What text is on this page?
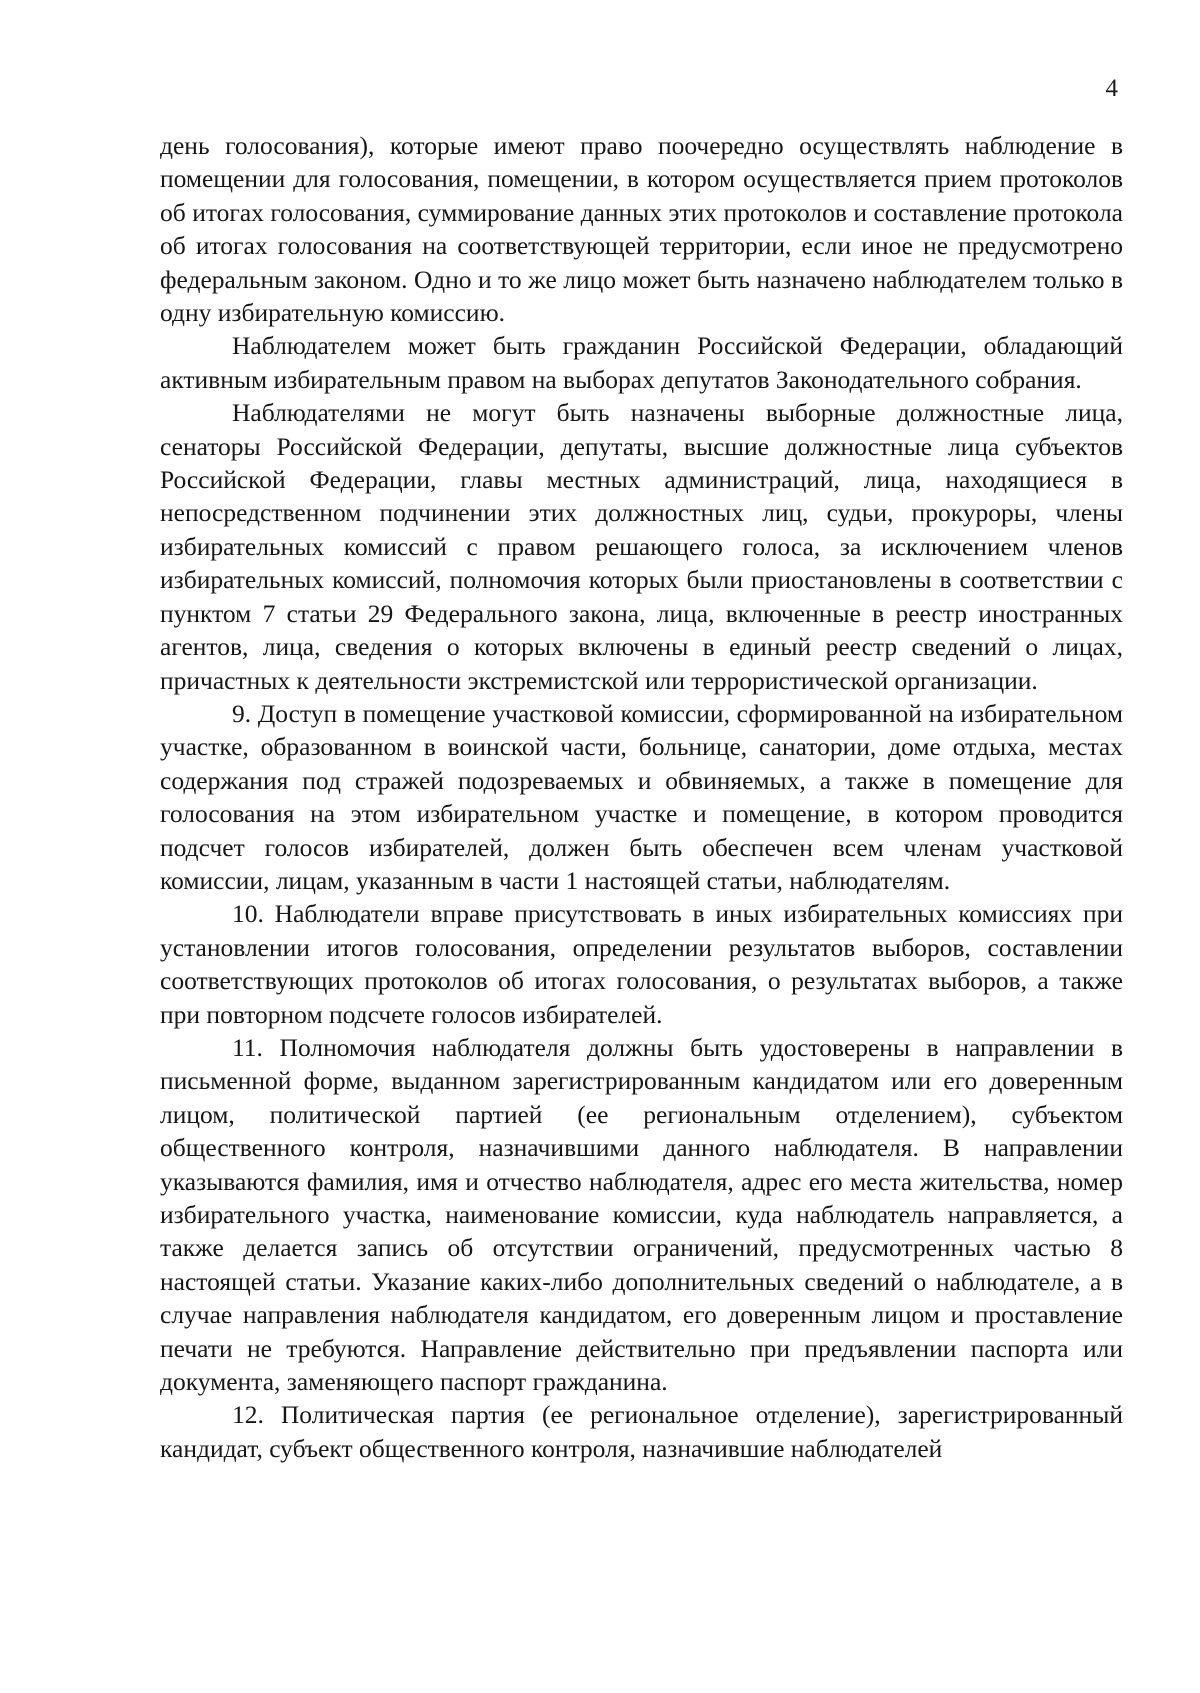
4

день голосования), которые имеют право поочередно осуществлять наблюдение в помещении для голосования, помещении, в котором осуществляется прием протоколов об итогах голосования, суммирование данных этих протоколов и составление протокола об итогах голосования на соответствующей территории, если иное не предусмотрено федеральным законом. Одно и то же лицо может быть назначено наблюдателем только в одну избирательную комиссию.

Наблюдателем может быть гражданин Российской Федерации, обладающий активным избирательным правом на выборах депутатов Законодательного собрания.

Наблюдателями не могут быть назначены выборные должностные лица, сенаторы Российской Федерации, депутаты, высшие должностные лица субъектов Российской Федерации, главы местных администраций, лица, находящиеся в непосредственном подчинении этих должностных лиц, судьи, прокуроры, члены избирательных комиссий с правом решающего голоса, за исключением членов избирательных комиссий, полномочия которых были приостановлены в соответствии с пунктом 7 статьи 29 Федерального закона, лица, включенные в реестр иностранных агентов, лица, сведения о которых включены в единый реестр сведений о лицах, причастных к деятельности экстремистской или террористической организации.

9. Доступ в помещение участковой комиссии, сформированной на избирательном участке, образованном в воинской части, больнице, санатории, доме отдыха, местах содержания под стражей подозреваемых и обвиняемых, а также в помещение для голосования на этом избирательном участке и помещение, в котором проводится подсчет голосов избирателей, должен быть обеспечен всем членам участковой комиссии, лицам, указанным в части 1 настоящей статьи, наблюдателям.

10. Наблюдатели вправе присутствовать в иных избирательных комиссиях при установлении итогов голосования, определении результатов выборов, составлении соответствующих протоколов об итогах голосования, о результатах выборов, а также при повторном подсчете голосов избирателей.

11. Полномочия наблюдателя должны быть удостоверены в направлении в письменной форме, выданном зарегистрированным кандидатом или его доверенным лицом, политической партией (ее региональным отделением), субъектом общественного контроля, назначившими данного наблюдателя. В направлении указываются фамилия, имя и отчество наблюдателя, адрес его места жительства, номер избирательного участка, наименование комиссии, куда наблюдатель направляется, а также делается запись об отсутствии ограничений, предусмотренных частью 8 настоящей статьи. Указание каких-либо дополнительных сведений о наблюдателе, а в случае направления наблюдателя кандидатом, его доверенным лицом и проставление печати не требуются. Направление действительно при предъявлении паспорта или документа, заменяющего паспорт гражданина.

12. Политическая партия (ее региональное отделение), зарегистрированный кандидат, субъект общественного контроля, назначившие наблюдателей
